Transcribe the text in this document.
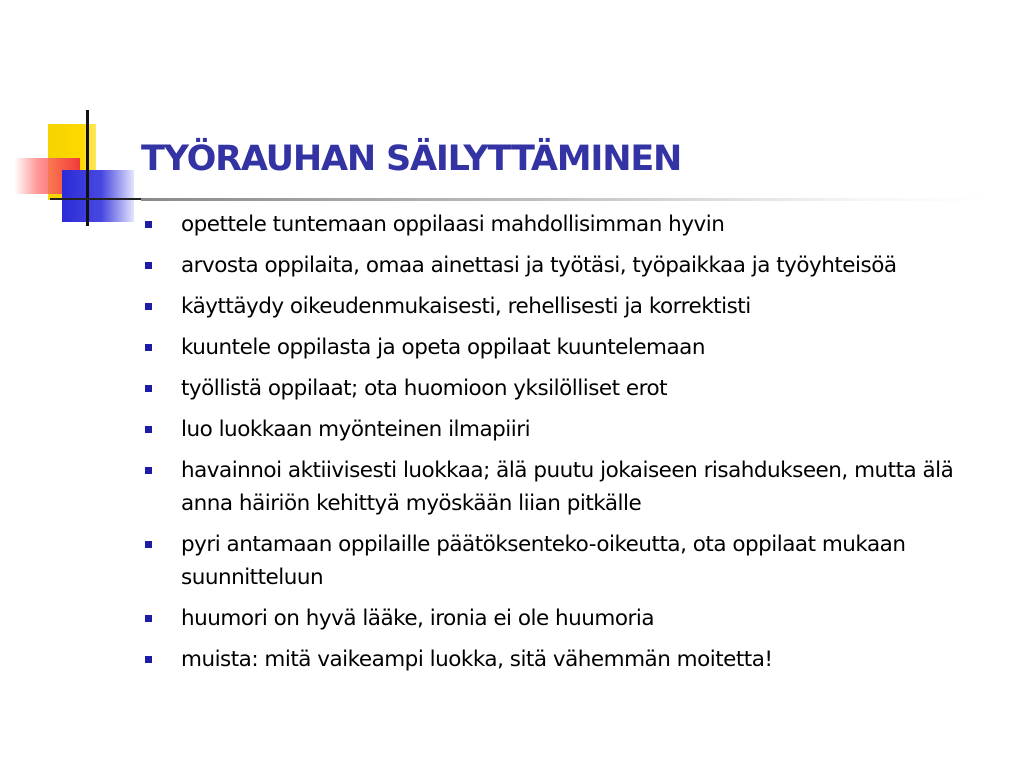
TYÖRAUHAN SÄILYTTÄMINEN
opettele tuntemaan oppilaasi mahdollisimman hyvin
arvosta oppilaita, omaa ainettasi ja työtäsi, työpaikkaa ja työyhteisöä
käyttäydy oikeudenmukaisesti, rehellisesti ja korrektisti
kuuntele oppilasta ja opeta oppilaat kuuntelemaan
työllistä oppilaat; ota huomioon yksilölliset erot
luo luokkaan myönteinen ilmapiiri
havainnoi aktiivisesti luokkaa; älä puutu jokaiseen risahdukseen, mutta älä anna häiriön kehittyä myöskään liian pitkälle
pyri antamaan oppilaille päätöksenteko-oikeutta, ota oppilaat mukaan suunnitteluun
huumori on hyvä lääke, ironia ei ole huumoria
muista: mitä vaikeampi luokka, sitä vähemmän moitetta!
